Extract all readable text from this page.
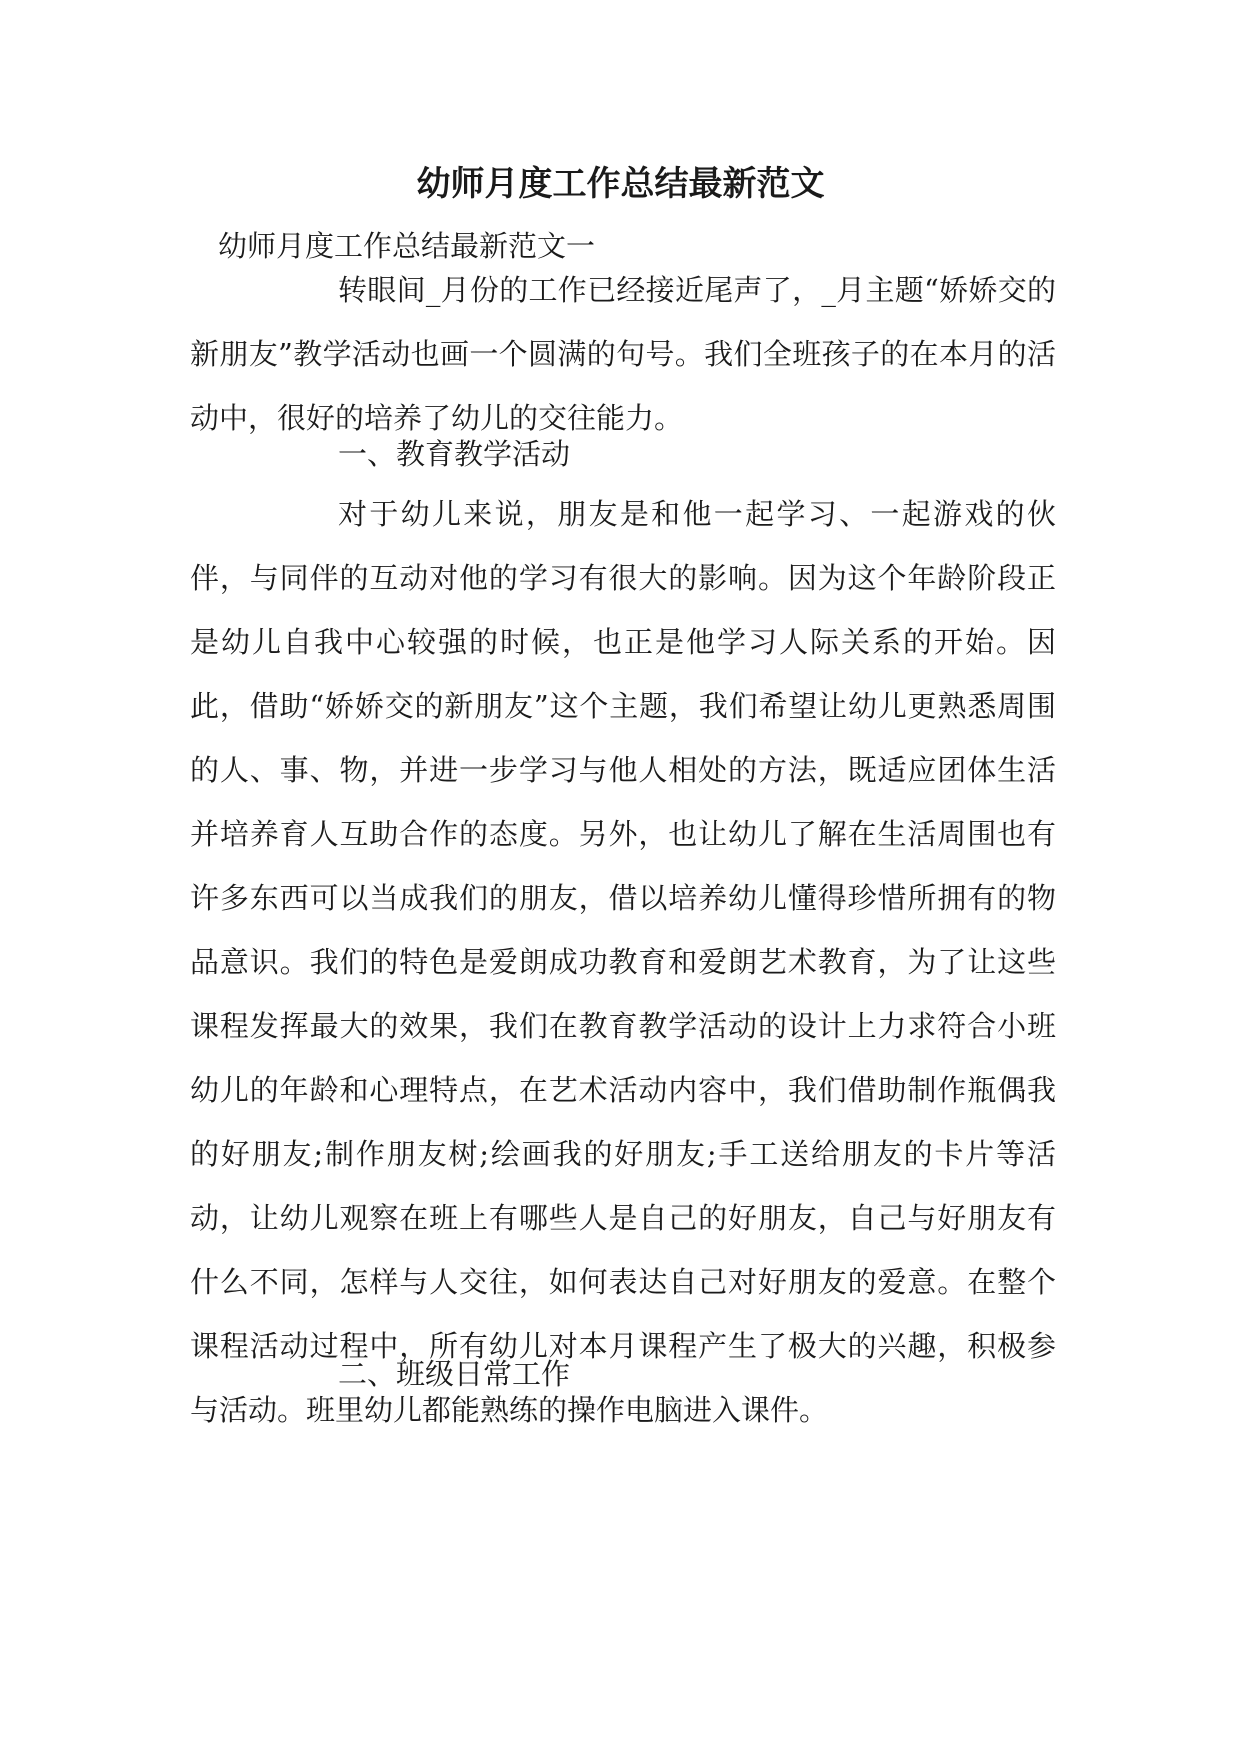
幼师月度工作总结最新范文

幼师月度工作总结最新范文一

转眼间_月份的工作已经接近尾声了，_月主题“娇娇交的新朋友”教学活动也画一个圆满的句号。我们全班孩子的在本月的活动中，很好的培养了幼儿的交往能力。

一、教育教学活动

对于幼儿来说，朋友是和他一起学习、一起游戏的伙伴，与同伴的互动对他的学习有很大的影响。因为这个年龄阶段正是幼儿自我中心较强的时候，也正是他学习人际关系的开始。因此，借助“娇娇交的新朋友”这个主题，我们希望让幼儿更熟悉周围的人、事、物，并进一步学习与他人相处的方法，既适应团体生活并培养育人互助合作的态度。另外，也让幼儿了解在生活周围也有许多东西可以当成我们的朋友，借以培养幼儿懂得珍惜所拥有的物品意识。我们的特色是爱朗成功教育和爱朗艺术教育，为了让这些课程发挥最大的效果，我们在教育教学活动的设计上力求符合小班幼儿的年龄和心理特点，在艺术活动内容中，我们借助制作瓶偶我的好朋友;制作朋友树;绘画我的好朋友;手工送给朋友的卡片等活动，让幼儿观察在班上有哪些人是自己的好朋友，自己与好朋友有什么不同，怎样与人交往，如何表达自己对好朋友的爱意。在整个课程活动过程中，所有幼儿对本月课程产生了极大的兴趣，积极参与活动。班里幼儿都能熟练的操作电脑进入课件。

二、班级日常工作
